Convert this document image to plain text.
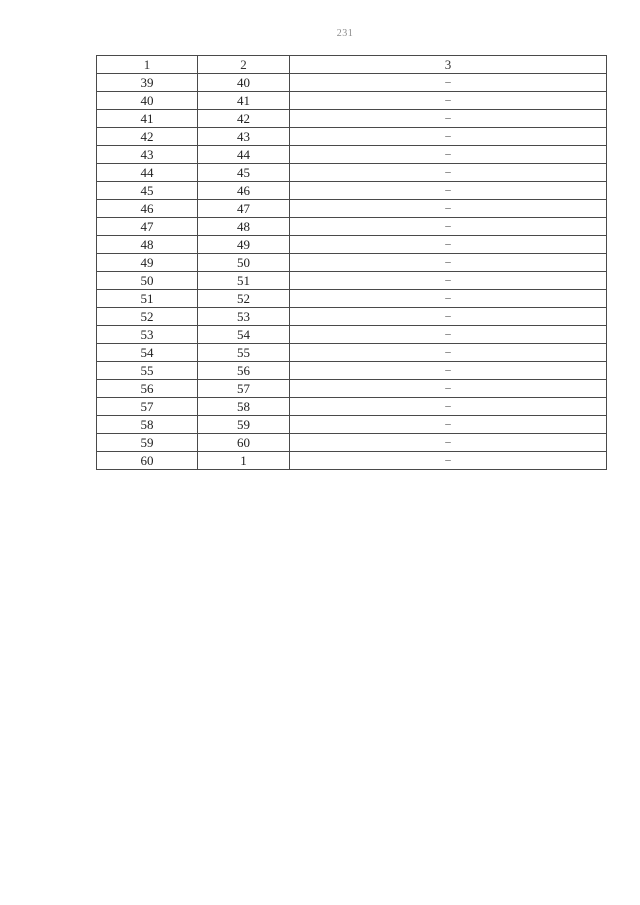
231
1	2	3
39	40	–
40	41	–
41	42	–
42	43	–
43	44	–
44	45	–
45	46	–
46	47	–
47	48	–
48	49	–
49	50	–
50	51	–
51	52	–
52	53	–
53	54	–
54	55	–
55	56	–
56	57	–
57	58	–
58	59	–
59	60	–
60	1	–
